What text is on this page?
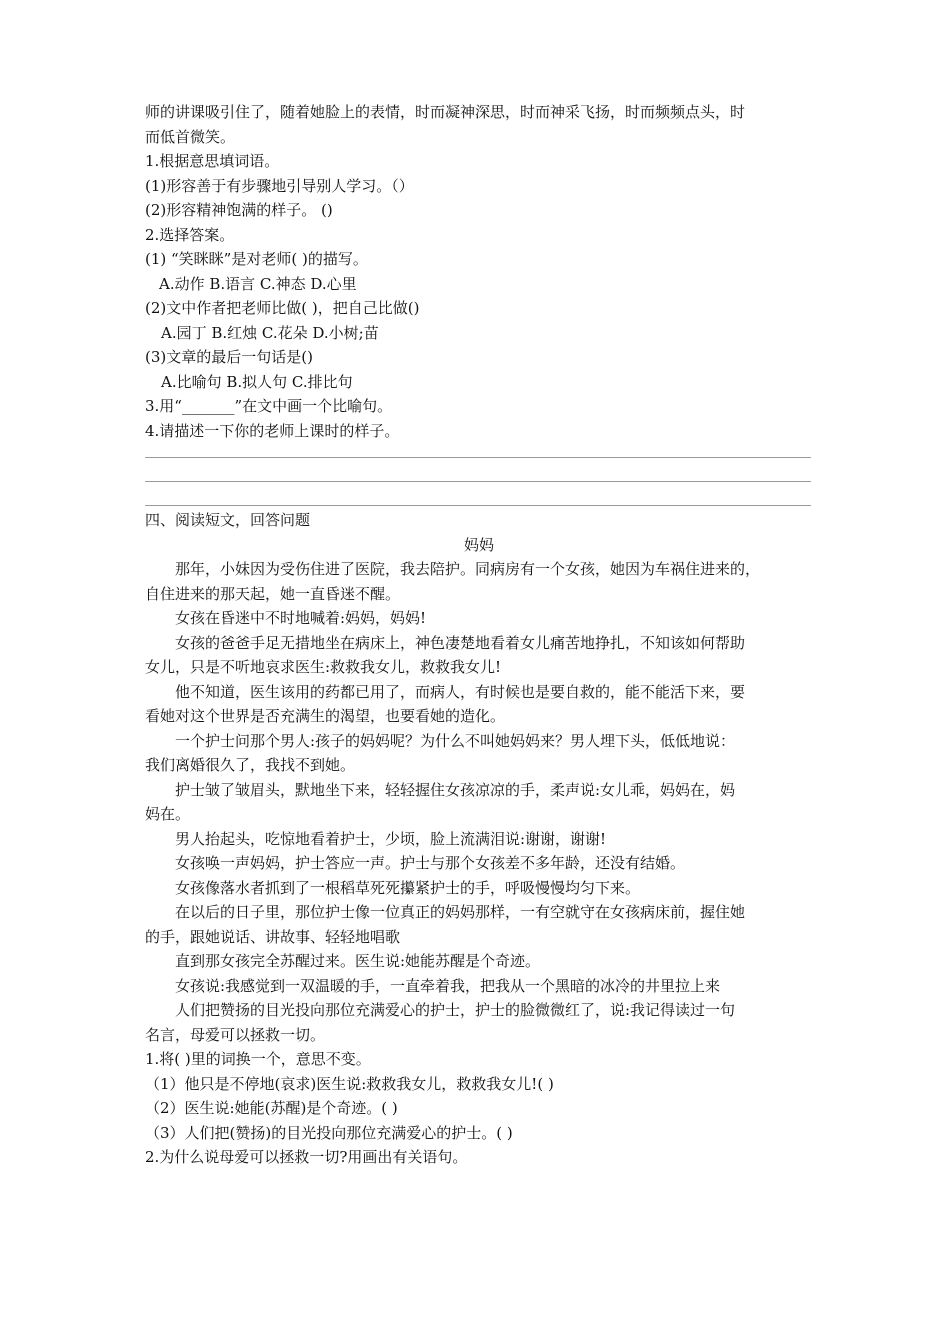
师的讲课吸引住了，随着她脸上的表情，时而凝神深思，时而神采飞扬，时而频频点头，时
而低首微笑。
1.根据意思填词语。
(1)形容善于有步骤地引导别人学习。（）
(2)形容精神饱满的样子。 ()
2.选择答案。
(1) “笑眯眯”是对老师( )的描写。
A.动作 B.语言 C.神态 D.心里
(2)文中作者把老师比做( )，把自己比做()
A.园丁 B.红烛 C.花朵 D.小树;苗
(3)文章的最后一句话是()
A.比喻句 B.拟人句 C.排比句
3.用“_______”在文中画一个比喻句。
4.请描述一下你的老师上课时的样子。
四、阅读短文，回答问题
妈妈
那年，小妹因为受伤住进了医院，我去陪护。同病房有一个女孩，她因为车祸住进来的，
自住进来的那天起，她一直昏迷不醒。
女孩在昏迷中不时地喊着:妈妈，妈妈!
女孩的爸爸手足无措地坐在病床上，神色凄楚地看着女儿痛苦地挣扎，不知该如何帮助
女儿，只是不听地哀求医生:救救我女儿，救救我女儿!
他不知道，医生该用的药都已用了，而病人，有时候也是要自救的，能不能活下来，要
看她对这个世界是否充满生的渴望，也要看她的造化。
一个护士问那个男人:孩子的妈妈呢？为什么不叫她妈妈来？男人埋下头，低低地说：
我们离婚很久了，我找不到她。
护士皱了皱眉头，默地坐下来，轻轻握住女孩凉凉的手，柔声说:女儿乖，妈妈在，妈
妈在。
男人抬起头，吃惊地看着护士，少顷，脸上流满泪说:谢谢，谢谢!
女孩唤一声妈妈，护士答应一声。护士与那个女孩差不多年龄，还没有结婚。
女孩像落水者抓到了一根稻草死死攥紧护士的手，呼吸慢慢均匀下来。
在以后的日子里，那位护士像一位真正的妈妈那样，一有空就守在女孩病床前，握住她
的手，跟她说话、讲故事、轻轻地唱歌
直到那女孩完全苏醒过来。医生说:她能苏醒是个奇迹。
女孩说:我感觉到一双温暖的手，一直牵着我，把我从一个黑暗的冰冷的井里拉上来
人们把赞扬的目光投向那位充满爱心的护士，护士的脸微微红了，说:我记得读过一句
名言，母爱可以拯救一切。
1.将( )里的词换一个，意思不变。
（1）他只是不停地(哀求)医生说:救救我女儿，救救我女儿!( )
（2）医生说:她能(苏醒)是个奇迹。( )
（3）人们把(赞扬)的目光投向那位充满爱心的护士。( )
2.为什么说母爱可以拯救一切?用画出有关语句。
